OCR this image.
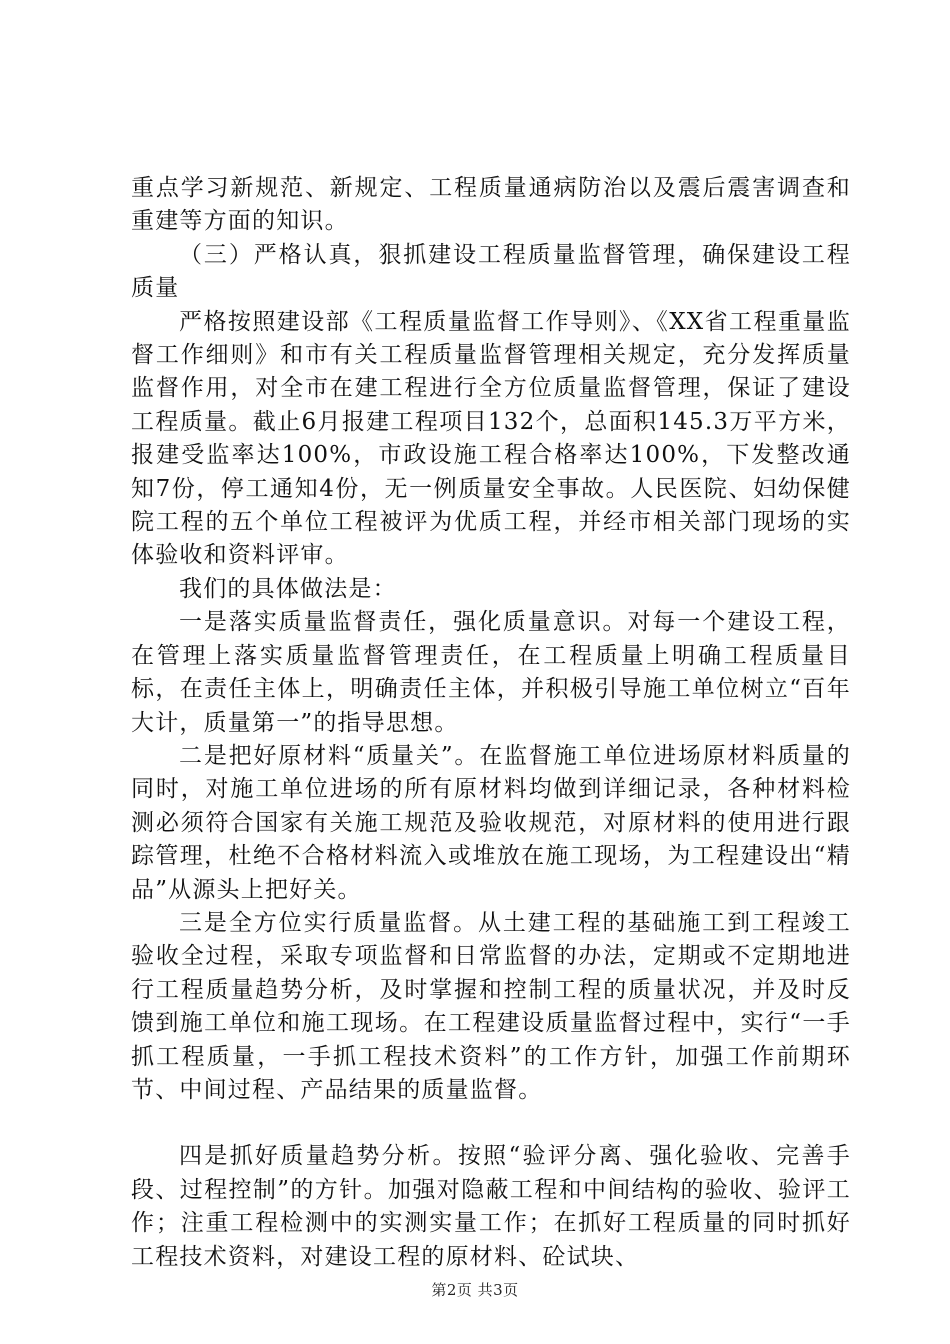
重点学习新规范、新规定、工程质量通病防治以及震后震害调查和重建等方面的知识。

（三）严格认真，狠抓建设工程质量监督管理，确保建设工程质量

严格按照建设部《工程质量监督工作导则》、《XX省工程重量监督工作细则》和市有关工程质量监督管理相关规定，充分发挥质量监督作用，对全市在建工程进行全方位质量监督管理，保证了建设工程质量。截止6月报建工程项目132个，总面积145.3万平方米，报建受监率达100%，市政设施工程合格率达100%，下发整改通知7份，停工通知4份，无一例质量安全事故。人民医院、妇幼保健院工程的五个单位工程被评为优质工程，并经市相关部门现场的实体验收和资料评审。

我们的具体做法是：

一是落实质量监督责任，强化质量意识。对每一个建设工程，在管理上落实质量监督管理责任，在工程质量上明确工程质量目标，在责任主体上，明确责任主体，并积极引导施工单位树立“百年大计，质量第一”的指导思想。

二是把好原材料“质量关”。在监督施工单位进场原材料质量的同时，对施工单位进场的所有原材料均做到详细记录，各种材料检测必须符合国家有关施工规范及验收规范，对原材料的使用进行跟踪管理，杜绝不合格材料流入或堆放在施工现场，为工程建设出“精品”从源头上把好关。

三是全方位实行质量监督。从土建工程的基础施工到工程竣工验收全过程，采取专项监督和日常监督的办法，定期或不定期地进行工程质量趋势分析，及时掌握和控制工程的质量状况，并及时反馈到施工单位和施工现场。在工程建设质量监督过程中，实行“一手抓工程质量，一手抓工程技术资料”的工作方针，加强工作前期环节、中间过程、产品结果的质量监督。

四是抓好质量趋势分析。按照“验评分离、强化验收、完善手段、过程控制”的方针。加强对隐蔽工程和中间结构的验收、验评工作；注重工程检测中的实测实量工作；在抓好工程质量的同时抓好工程技术资料，对建设工程的原材料、砼试块、

第2页 共3页
